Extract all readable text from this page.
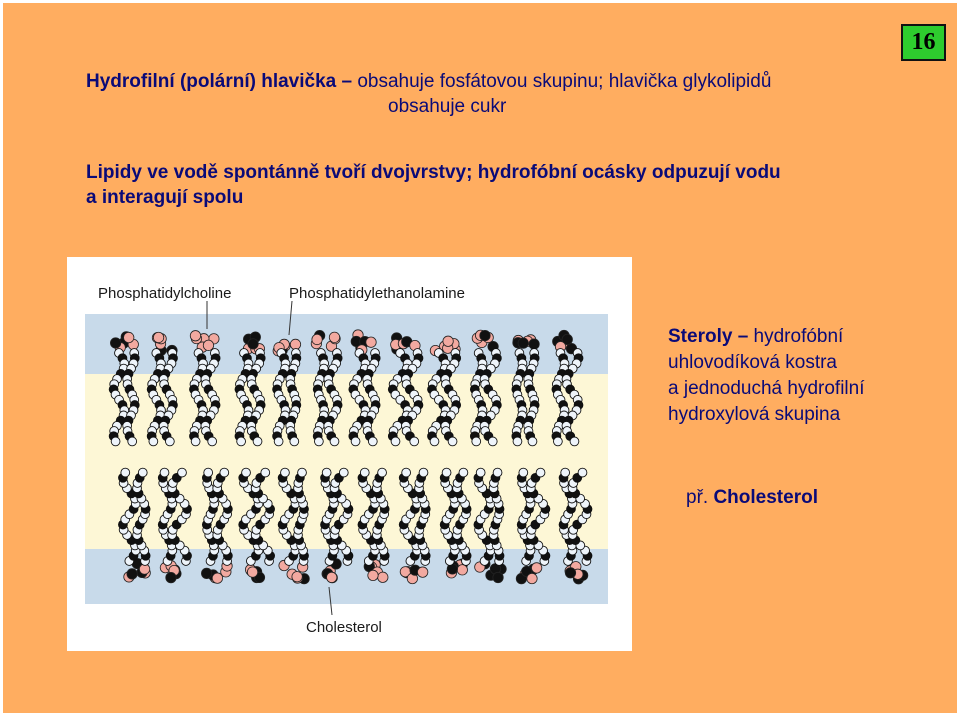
16

Hydrofilní (polární) hlavička – obsahuje fosfátovou skupinu; hlavička glykolipidů
obsahuje cukr

Lipidy ve vodě spontánně tvoří dvojvrstvy; hydrofóbní ocásky odpuzují vodu
a interagují spolu

Phosphatidylcholine	Phosphatidylethanolamine
Cholesterol
Steroly – hydrofóbní
uhlovodíková kostra
a jednoduchá hydrofilní
hydroxylová skupina
př. Cholesterol
